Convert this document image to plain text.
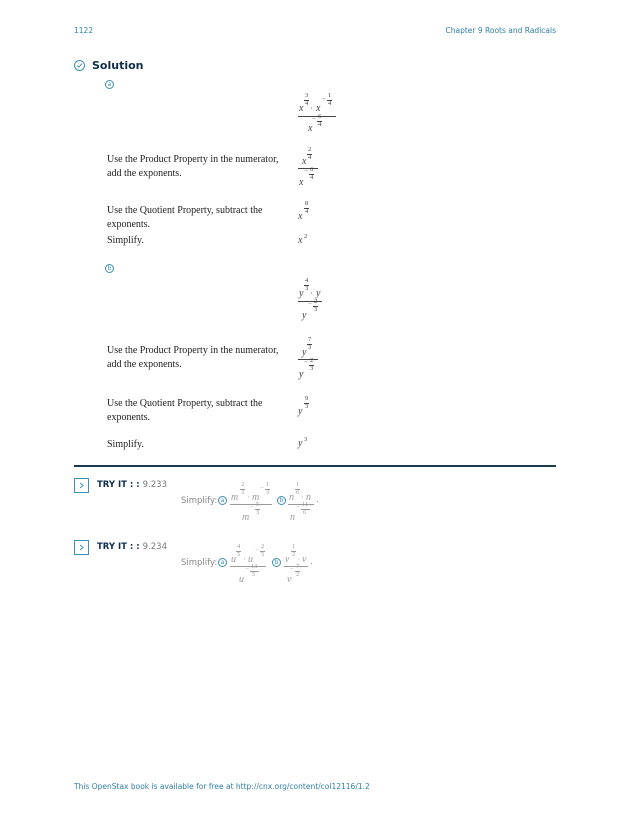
1122	Chapter 9 Roots and Radicals
Solution
a
3
4
x · x
−
1
4
− 6
4
x
Use the Product Property in the numerator, add the exponents.
2
4
x
− 6
4
x
Use the Quotient Property, subtract the exponents.
8
4
x
Simplify.	x 2
b
4
3
y · y
− 2
3
y
Use the Product Property in the numerator, add the exponents.
7
3
y
− 2
3
y
Use the Quotient Property, subtract the exponents.
9
3
y
Simplify.	y 3
TRY IT : : 9.233
Simplify: a
2
3
m · m
−
1
3
− 5
3
m
b
1
6
n · n
− 11
6
n
.
TRY IT : : 9.234
Simplify: a
4
5
u · u
−
2
5
− 13
5
u
b
1
2
v · v
− 7
2
v
.
This OpenStax book is available for free at http://cnx.org/content/col12116/1.2
